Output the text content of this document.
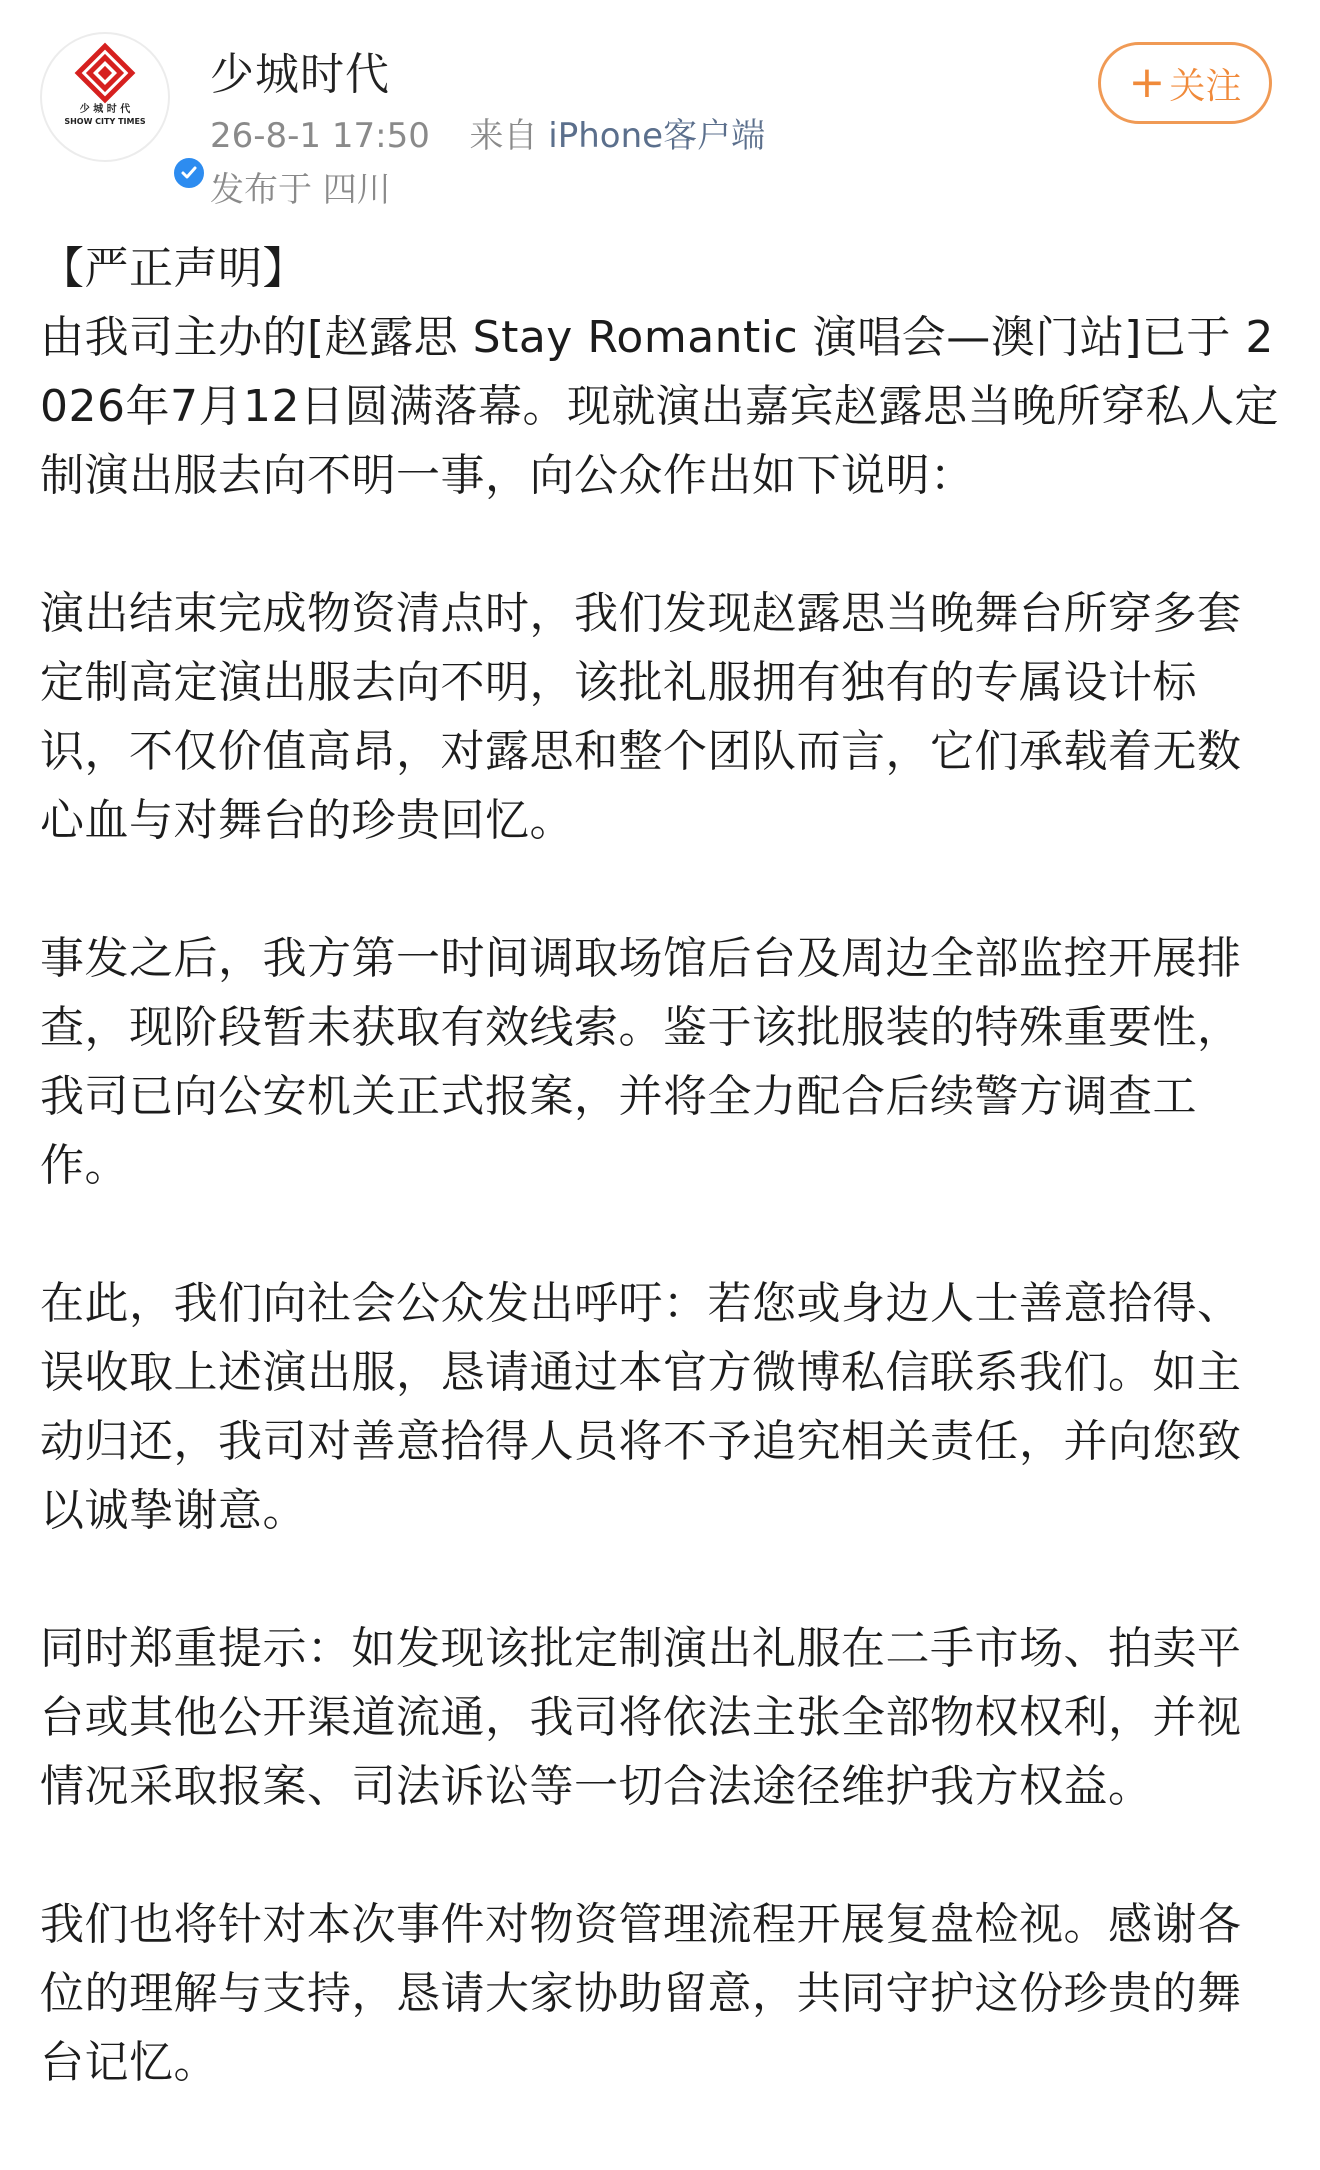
少 城 时 代
SHOW CITY TIMES
少城时代
26-8-1 17:50 来自 iPhone客户端
发布于 四川
+ 关注

【严正声明】
由我司主办的[赵露思 Stay Romantic 演唱会—澳门站]已于 2026年7月12日圆满落幕。现就演出嘉宾赵露思当晚所穿私人定制演出服去向不明一事，向公众作出如下说明：

演出结束完成物资清点时，我们发现赵露思当晚舞台所穿多套定制高定演出服去向不明，该批礼服拥有独有的专属设计标识，不仅价值高昂，对露思和整个团队而言，它们承载着无数心血与对舞台的珍贵回忆。

事发之后，我方第一时间调取场馆后台及周边全部监控开展排查，现阶段暂未获取有效线索。鉴于该批服装的特殊重要性，我司已向公安机关正式报案，并将全力配合后续警方调查工作。

在此，我们向社会公众发出呼吁：若您或身边人士善意拾得、误收取上述演出服，恳请通过本官方微博私信联系我们。如主动归还，我司对善意拾得人员将不予追究相关责任，并向您致以诚挚谢意。

同时郑重提示：如发现该批定制演出礼服在二手市场、拍卖平台或其他公开渠道流通，我司将依法主张全部物权权利，并视情况采取报案、司法诉讼等一切合法途径维护我方权益。

我们也将针对本次事件对物资管理流程开展复盘检视。感谢各位的理解与支持，恳请大家协助留意，共同守护这份珍贵的舞台记忆。
